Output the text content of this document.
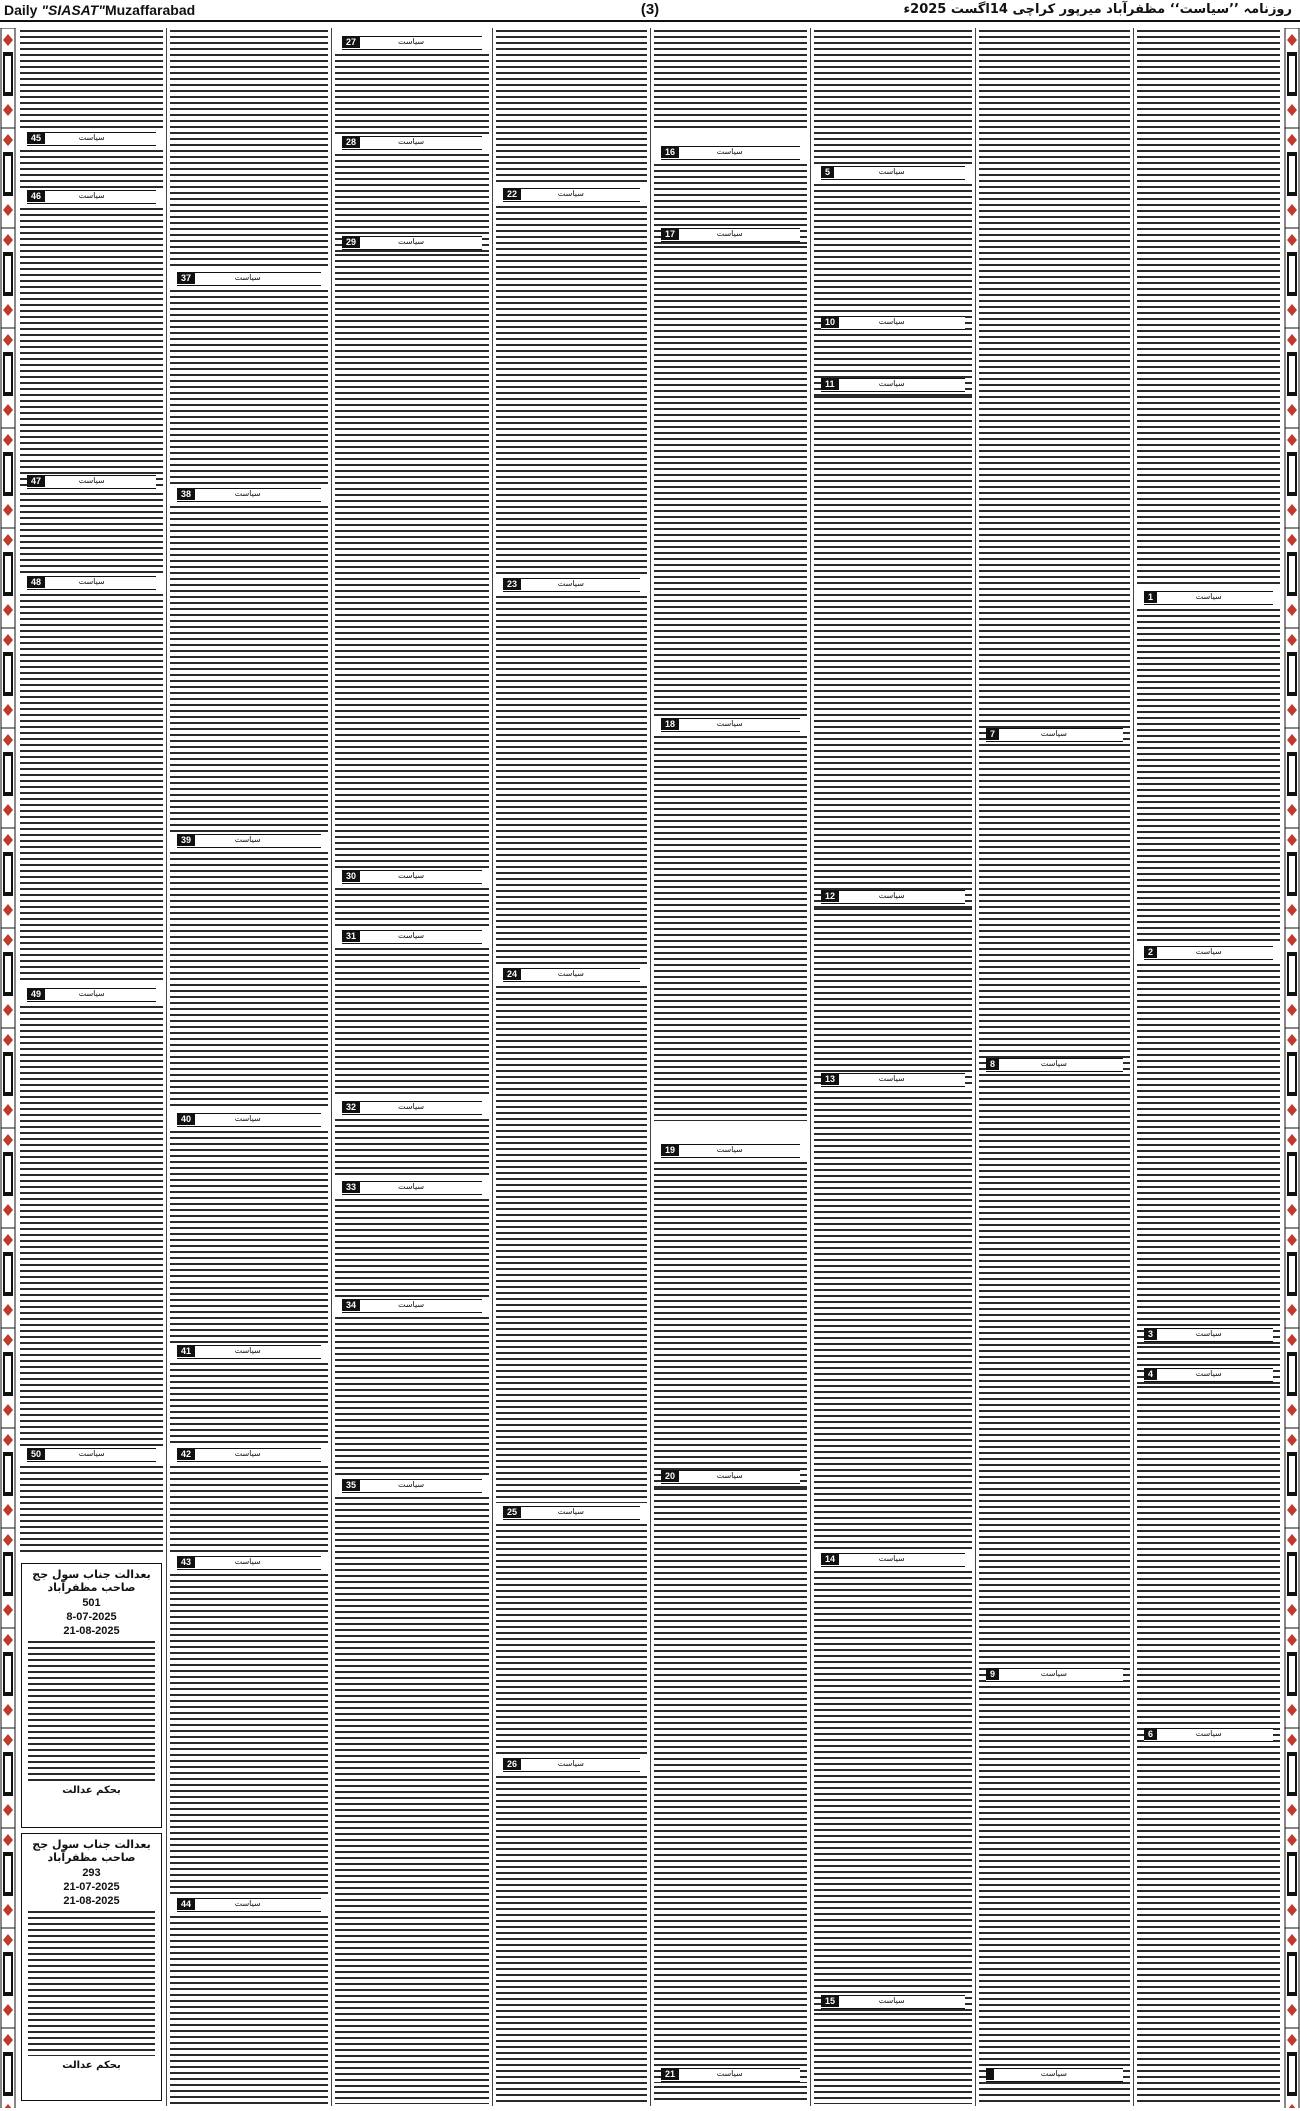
Daily "SIASAT"Muzaffarabad	(3)	روزنامہ ’’سیاست‘‘ مظفرآباد میرپور کراچی 14اگست 2025ء
45	سیاست
46	سیاست
47	سیاست
48	سیاست
49	سیاست
50	سیاست
بعدالت جناب سول جج صاحب مظفرآباد
501
8-07-2025
21-08-2025
بحکم عدالت
بعدالت جناب سول جج صاحب مظفرآباد
293
21-07-2025
21-08-2025
بحکم عدالت
37	سیاست
38	سیاست
39	سیاست
40	سیاست
41	سیاست
42	سیاست
43	سیاست
44	سیاست
27	سیاست
28	سیاست
29	سیاست
30	سیاست
31	سیاست
32	سیاست
33	سیاست
34	سیاست
35	سیاست
22	سیاست
23	سیاست
24	سیاست
25	سیاست
26	سیاست
16	سیاست
17	سیاست
18	سیاست
19	سیاست
20	سیاست
21	سیاست
5	سیاست
10	سیاست
11	سیاست
12	سیاست
13	سیاست
14	سیاست
15	سیاست
1	سیاست
2	سیاست
3	سیاست
4	سیاست
6	سیاست
7	سیاست
8	سیاست
9	سیاست
سیاست
